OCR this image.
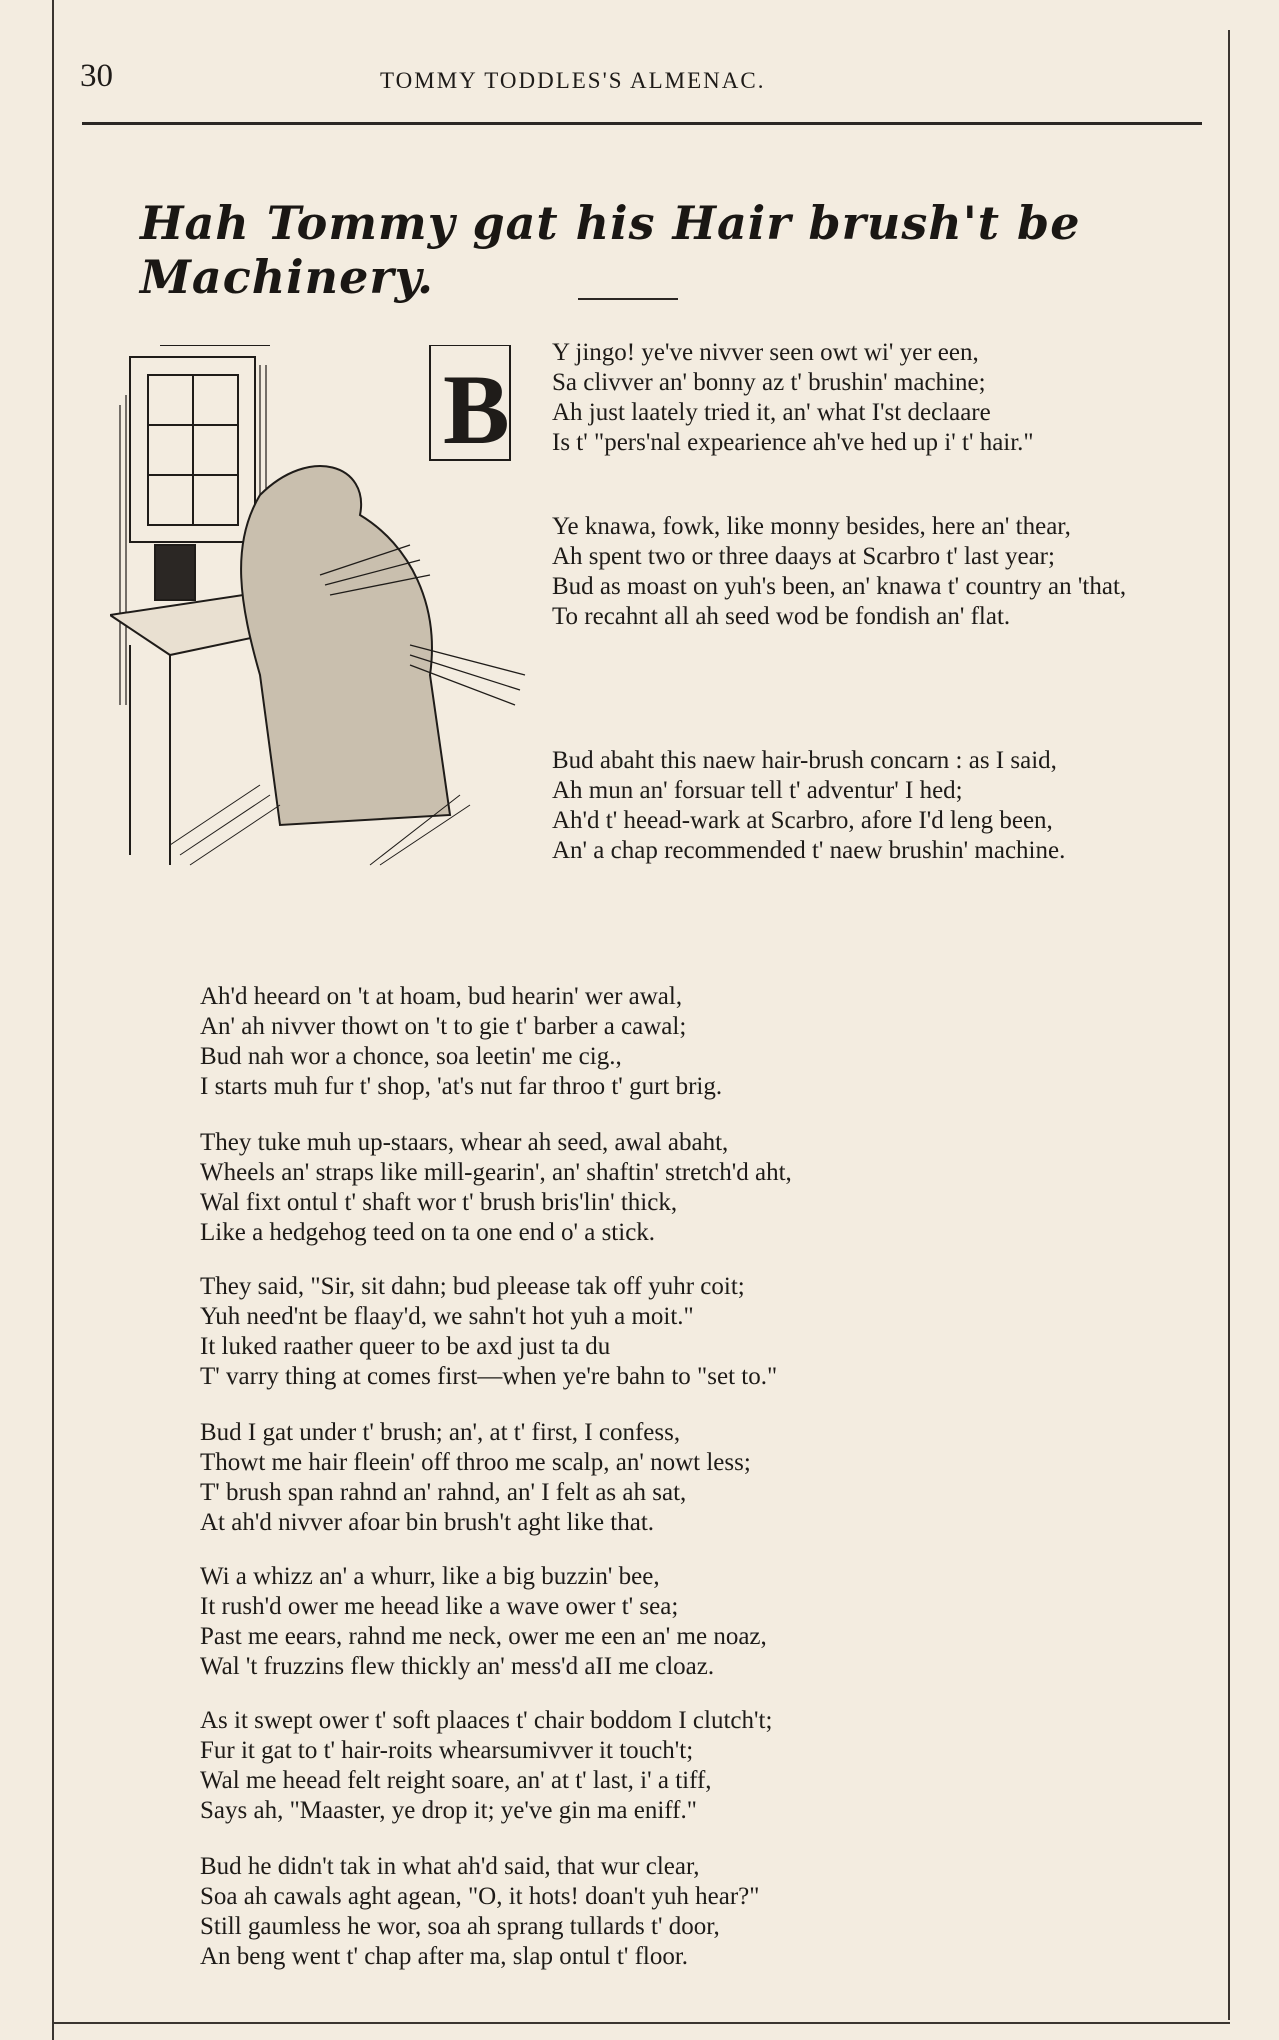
30	TOMMY TODDLES'S ALMENAC.
Hah Tommy gat his Hair brush't be Machinery.
B
Y jingo! ye've nivver seen owt wi' yer een,
Sa clivver an' bonny az t' brushin' machine;
Ah just laately tried it, an' what I'st declaare
Is t' "pers'nal expearience ah've hed up i' t' hair."
Ye knawa, fowk, like monny besides, here an' thear,
Ah spent two or three daays at Scarbro t' last year;
Bud as moast on yuh's been, an' knawa t' country an 'that,
To recahnt all ah seed wod be fondish an' flat.
Bud abaht this naew hair-brush concarn : as I said,
Ah mun an' forsuar tell t' adventur' I hed;
Ah'd t' heead-wark at Scarbro, afore I'd leng been,
An' a chap recommended t' naew brushin' machine.
Ah'd heeard on 't at hoam, bud hearin' wer awal,
An' ah nivver thowt on 't to gie t' barber a cawal;
Bud nah wor a chonce, soa leetin' me cig.,
I starts muh fur t' shop, 'at's nut far throo t' gurt brig.
They tuke muh up-staars, whear ah seed, awal abaht,
Wheels an' straps like mill-gearin', an' shaftin' stretch'd aht,
Wal fixt ontul t' shaft wor t' brush bris'lin' thick,
Like a hedgehog teed on ta one end o' a stick.
They said, "Sir, sit dahn; bud pleease tak off yuhr coit;
Yuh need'nt be flaay'd, we sahn't hot yuh a moit."
It luked raather queer to be axd just ta du
T' varry thing at comes first—when ye're bahn to "set to."
Bud I gat under t' brush; an', at t' first, I confess,
Thowt me hair fleein' off throo me scalp, an' nowt less;
T' brush span rahnd an' rahnd, an' I felt as ah sat,
At ah'd nivver afoar bin brush't aght like that.
Wi a whizz an' a whurr, like a big buzzin' bee,
It rush'd ower me heead like a wave ower t' sea;
Past me eears, rahnd me neck, ower me een an' me noaz,
Wal 't fruzzins flew thickly an' mess'd aII me cloaz.
As it swept ower t' soft plaaces t' chair boddom I clutch't;
Fur it gat to t' hair-roits whearsumivver it touch't;
Wal me heead felt reight soare, an' at t' last, i' a tiff,
Says ah, "Maaster, ye drop it; ye've gin ma eniff."
Bud he didn't tak in what ah'd said, that wur clear,
Soa ah cawals aght agean, "O, it hots! doan't yuh hear?"
Still gaumless he wor, soa ah sprang tullards t' door,
An beng went t' chap after ma, slap ontul t' floor.
